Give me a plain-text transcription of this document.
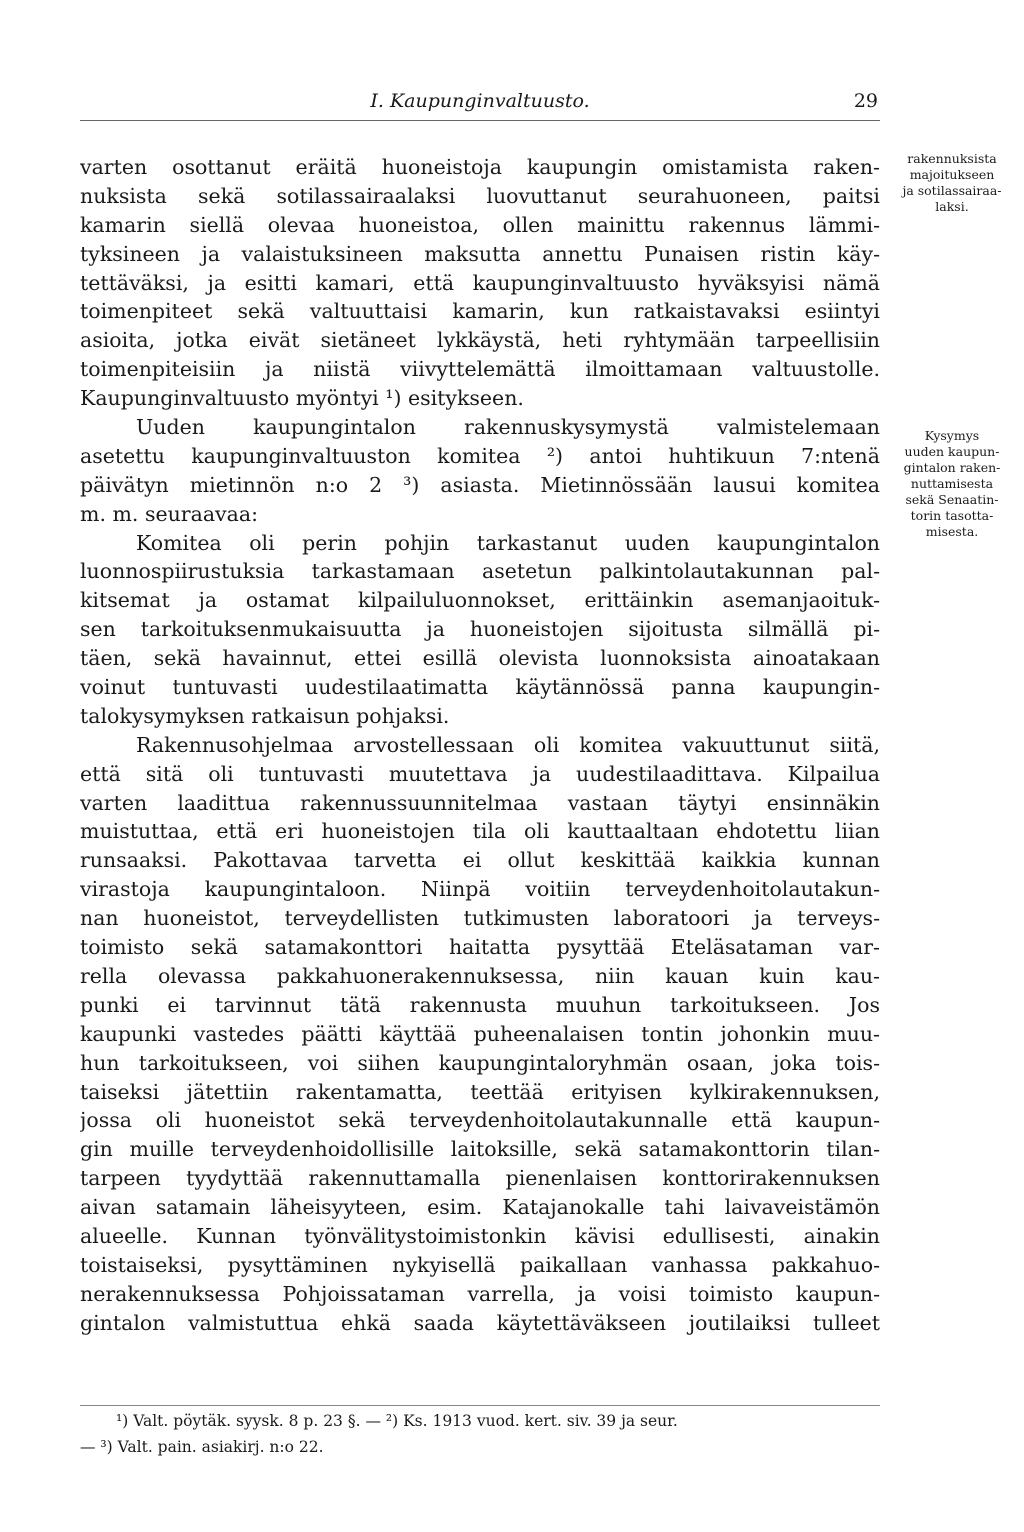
I. Kaupunginvaltuusto.	29
varten osottanut eräitä huoneistoja kaupungin omistamista raken-
nuksista sekä sotilassairaalaksi luovuttanut seurahuoneen, paitsi
kamarin siellä olevaa huoneistoa, ollen mainittu rakennus lämmi-
tyksineen ja valaistuksineen maksutta annettu Punaisen ristin käy-
tettäväksi, ja esitti kamari, että kaupunginvaltuusto hyväksyisi nämä
toimenpiteet sekä valtuuttaisi kamarin, kun ratkaistavaksi esiintyi
asioita, jotka eivät sietäneet lykkäystä, heti ryhtymään tarpeellisiin
toimenpiteisiin ja niistä viivyttelemättä ilmoittamaan valtuustolle.
Kaupunginvaltuusto myöntyi ¹) esitykseen.
Uuden kaupungintalon rakennuskysymystä valmistelemaan
asetettu kaupunginvaltuuston komitea ²) antoi huhtikuun 7:ntenä
päivätyn mietinnön n:o 2 ³) asiasta. Mietinnössään lausui komitea
m. m. seuraavaa:
Komitea oli perin pohjin tarkastanut uuden kaupungintalon
luonnospiirustuksia tarkastamaan asetetun palkintolautakunnan pal-
kitsemat ja ostamat kilpailuluonnokset, erittäinkin asemanjaoituk-
sen tarkoituksenmukaisuutta ja huoneistojen sijoitusta silmällä pi-
täen, sekä havainnut, ettei esillä olevista luonnoksista ainoatakaan
voinut tuntuvasti uudestilaatimatta käytännössä panna kaupungin-
talokysymyksen ratkaisun pohjaksi.
Rakennusohjelmaa arvostellessaan oli komitea vakuuttunut siitä,
että sitä oli tuntuvasti muutettava ja uudestilaadittava. Kilpailua
varten laadittua rakennussuunnitelmaa vastaan täytyi ensinnäkin
muistuttaa, että eri huoneistojen tila oli kauttaaltaan ehdotettu liian
runsaaksi. Pakottavaa tarvetta ei ollut keskittää kaikkia kunnan
virastoja kaupungintaloon. Niinpä voitiin terveydenhoitolautakun-
nan huoneistot, terveydellisten tutkimusten laboratoori ja terveys-
toimisto sekä satamakonttori haitatta pysyttää Eteläsataman var-
rella olevassa pakkahuonerakennuksessa, niin kauan kuin kau-
punki ei tarvinnut tätä rakennusta muuhun tarkoitukseen. Jos
kaupunki vastedes päätti käyttää puheenalaisen tontin johonkin muu-
hun tarkoitukseen, voi siihen kaupungintaloryhmän osaan, joka tois-
taiseksi jätettiin rakentamatta, teettää erityisen kylkirakennuksen,
jossa oli huoneistot sekä terveydenhoitolautakunnalle että kaupun-
gin muille terveydenhoidollisille laitoksille, sekä satamakonttorin tilan-
tarpeen tyydyttää rakennuttamalla pienenlaisen konttorirakennuksen
aivan satamain läheisyyteen, esim. Katajanokalle tahi laivaveistämön
alueelle. Kunnan työnvälitystoimistonkin kävisi edullisesti, ainakin
toistaiseksi, pysyttäminen nykyisellä paikallaan vanhassa pakkahuo-
nerakennuksessa Pohjoissataman varrella, ja voisi toimisto kaupun-
gintalon valmistuttua ehkä saada käytettäväkseen joutilaiksi tulleet
rakennuksista
majoitukseen
ja sotilassairaa-
laksi.
Kysymys
uuden kaupun-
gintalon raken-
nuttamisesta
sekä Senaatin-
torin tasotta-
misesta.
¹) Valt. pöytäk. syysk. 8 p. 23 §. — ²) Ks. 1913 vuod. kert. siv. 39 ja seur.
— ³) Valt. pain. asiakirj. n:o 22.
